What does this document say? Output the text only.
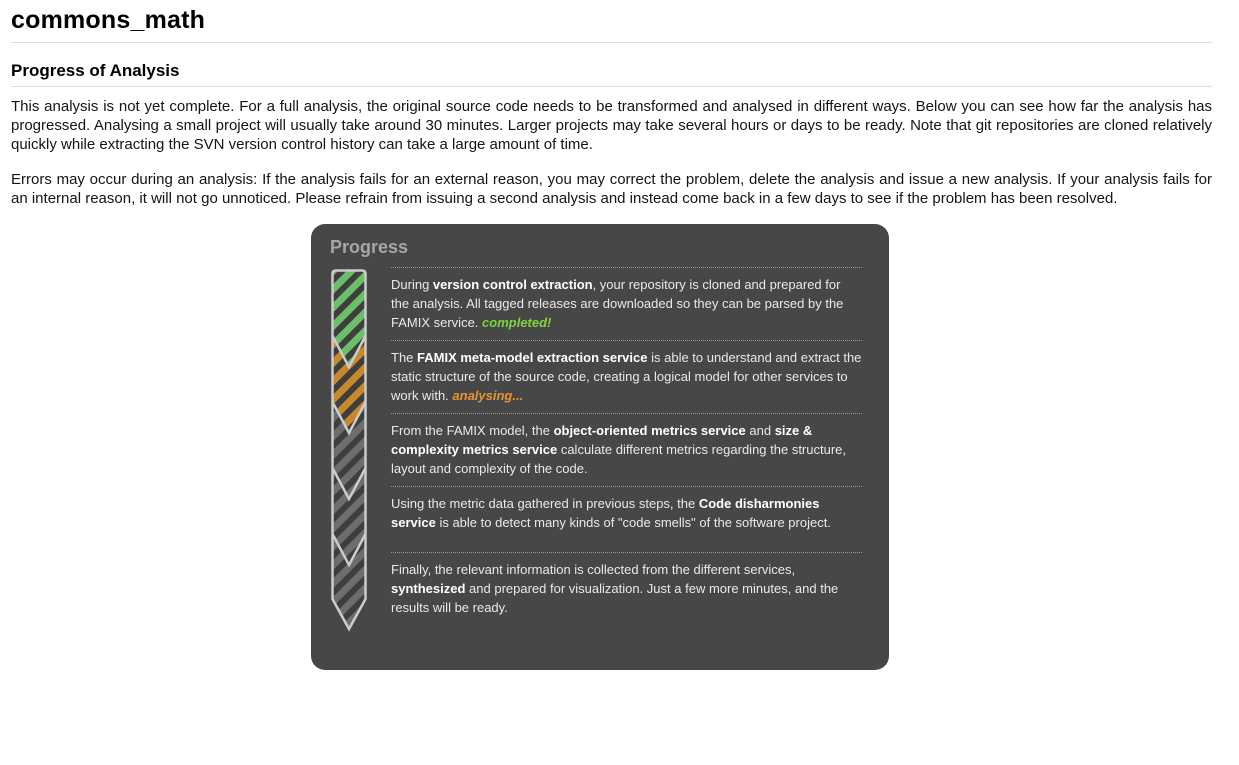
commons_math
Progress of Analysis

This analysis is not yet complete. For a full analysis, the original source code needs to be transformed and analysed in different ways. Below you can see how far the analysis has progressed. Analysing a small project will usually take around 30 minutes. Larger projects may take several hours or days to be ready. Note that git repositories are cloned relatively quickly while extracting the SVN version control history can take a large amount of time.

Errors may occur during an analysis: If the analysis fails for an external reason, you may correct the problem, delete the analysis and issue a new analysis. If your analysis fails for an internal reason, it will not go unnoticed. Please refrain from issuing a second analysis and instead come back in a few days to see if the problem has been resolved.

Progress
During version control extraction, your repository is cloned and prepared for the analysis. All tagged releases are downloaded so they can be parsed by the FAMIX service. completed!
The FAMIX meta-model extraction service is able to understand and extract the static structure of the source code, creating a logical model for other services to work with. analysing...
From the FAMIX model, the object-oriented metrics service and size & complexity metrics service calculate different metrics regarding the structure, layout and complexity of the code.
Using the metric data gathered in previous steps, the Code disharmonies service is able to detect many kinds of "code smells" of the software project.
Finally, the relevant information is collected from the different services, synthesized and prepared for visualization. Just a few more minutes, and the results will be ready.
